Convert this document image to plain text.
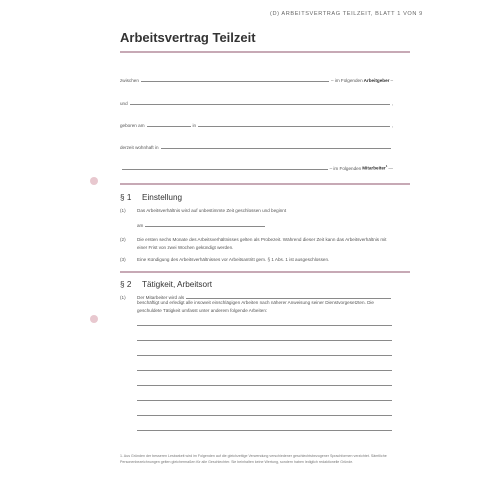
(D) ARBEITSVERTRAG TEILZEIT, BLATT 1 VON 9
Arbeitsvertrag Teilzeit
zwischen	– im Folgenden Arbeitgeber –
und	,
geboren am	in	,
derzeit wohnhaft in
– im Folgenden Mitarbeiter$^1$ —
§ 1 Einstellung
(1) Das Arbeitsverhältnis wird auf unbestimmte Zeit geschlossen und beginnt
am
(2) Die ersten sechs Monate des Arbeitsverhältnisses gelten als Probezeit. Während dieser Zeit kann das Arbeitsverhältnis mit einer Frist von zwei Wochen gekündigt werden.
(3) Eine Kündigung des Arbeitsverhältnisses vor Arbeitsantritt gem. § 1 Abs. 1 ist ausgeschlossen.
§ 2 Tätigkeit, Arbeitsort
(1)	Der Mitarbeiter wird als
beschäftigt und erledigt alle insoweit einschlägigen Arbeiten nach näherer Anweisung seiner Dienstvorgesetzten. Die geschuldete Tätigkeit umfasst unter anderem folgende Arbeiten:
1. Aus Gründen der besseren Lesbarkeit wird im Folgenden auf die gleichzeitige Verwendung verschiedener geschlechtsbezogener Sprachformen verzichtet. Sämtliche Personenbezeichnungen gelten gleichermaßen für alle Geschlechter. Sie beinhalten keine Wertung, sondern haben lediglich redaktionelle Gründe.
